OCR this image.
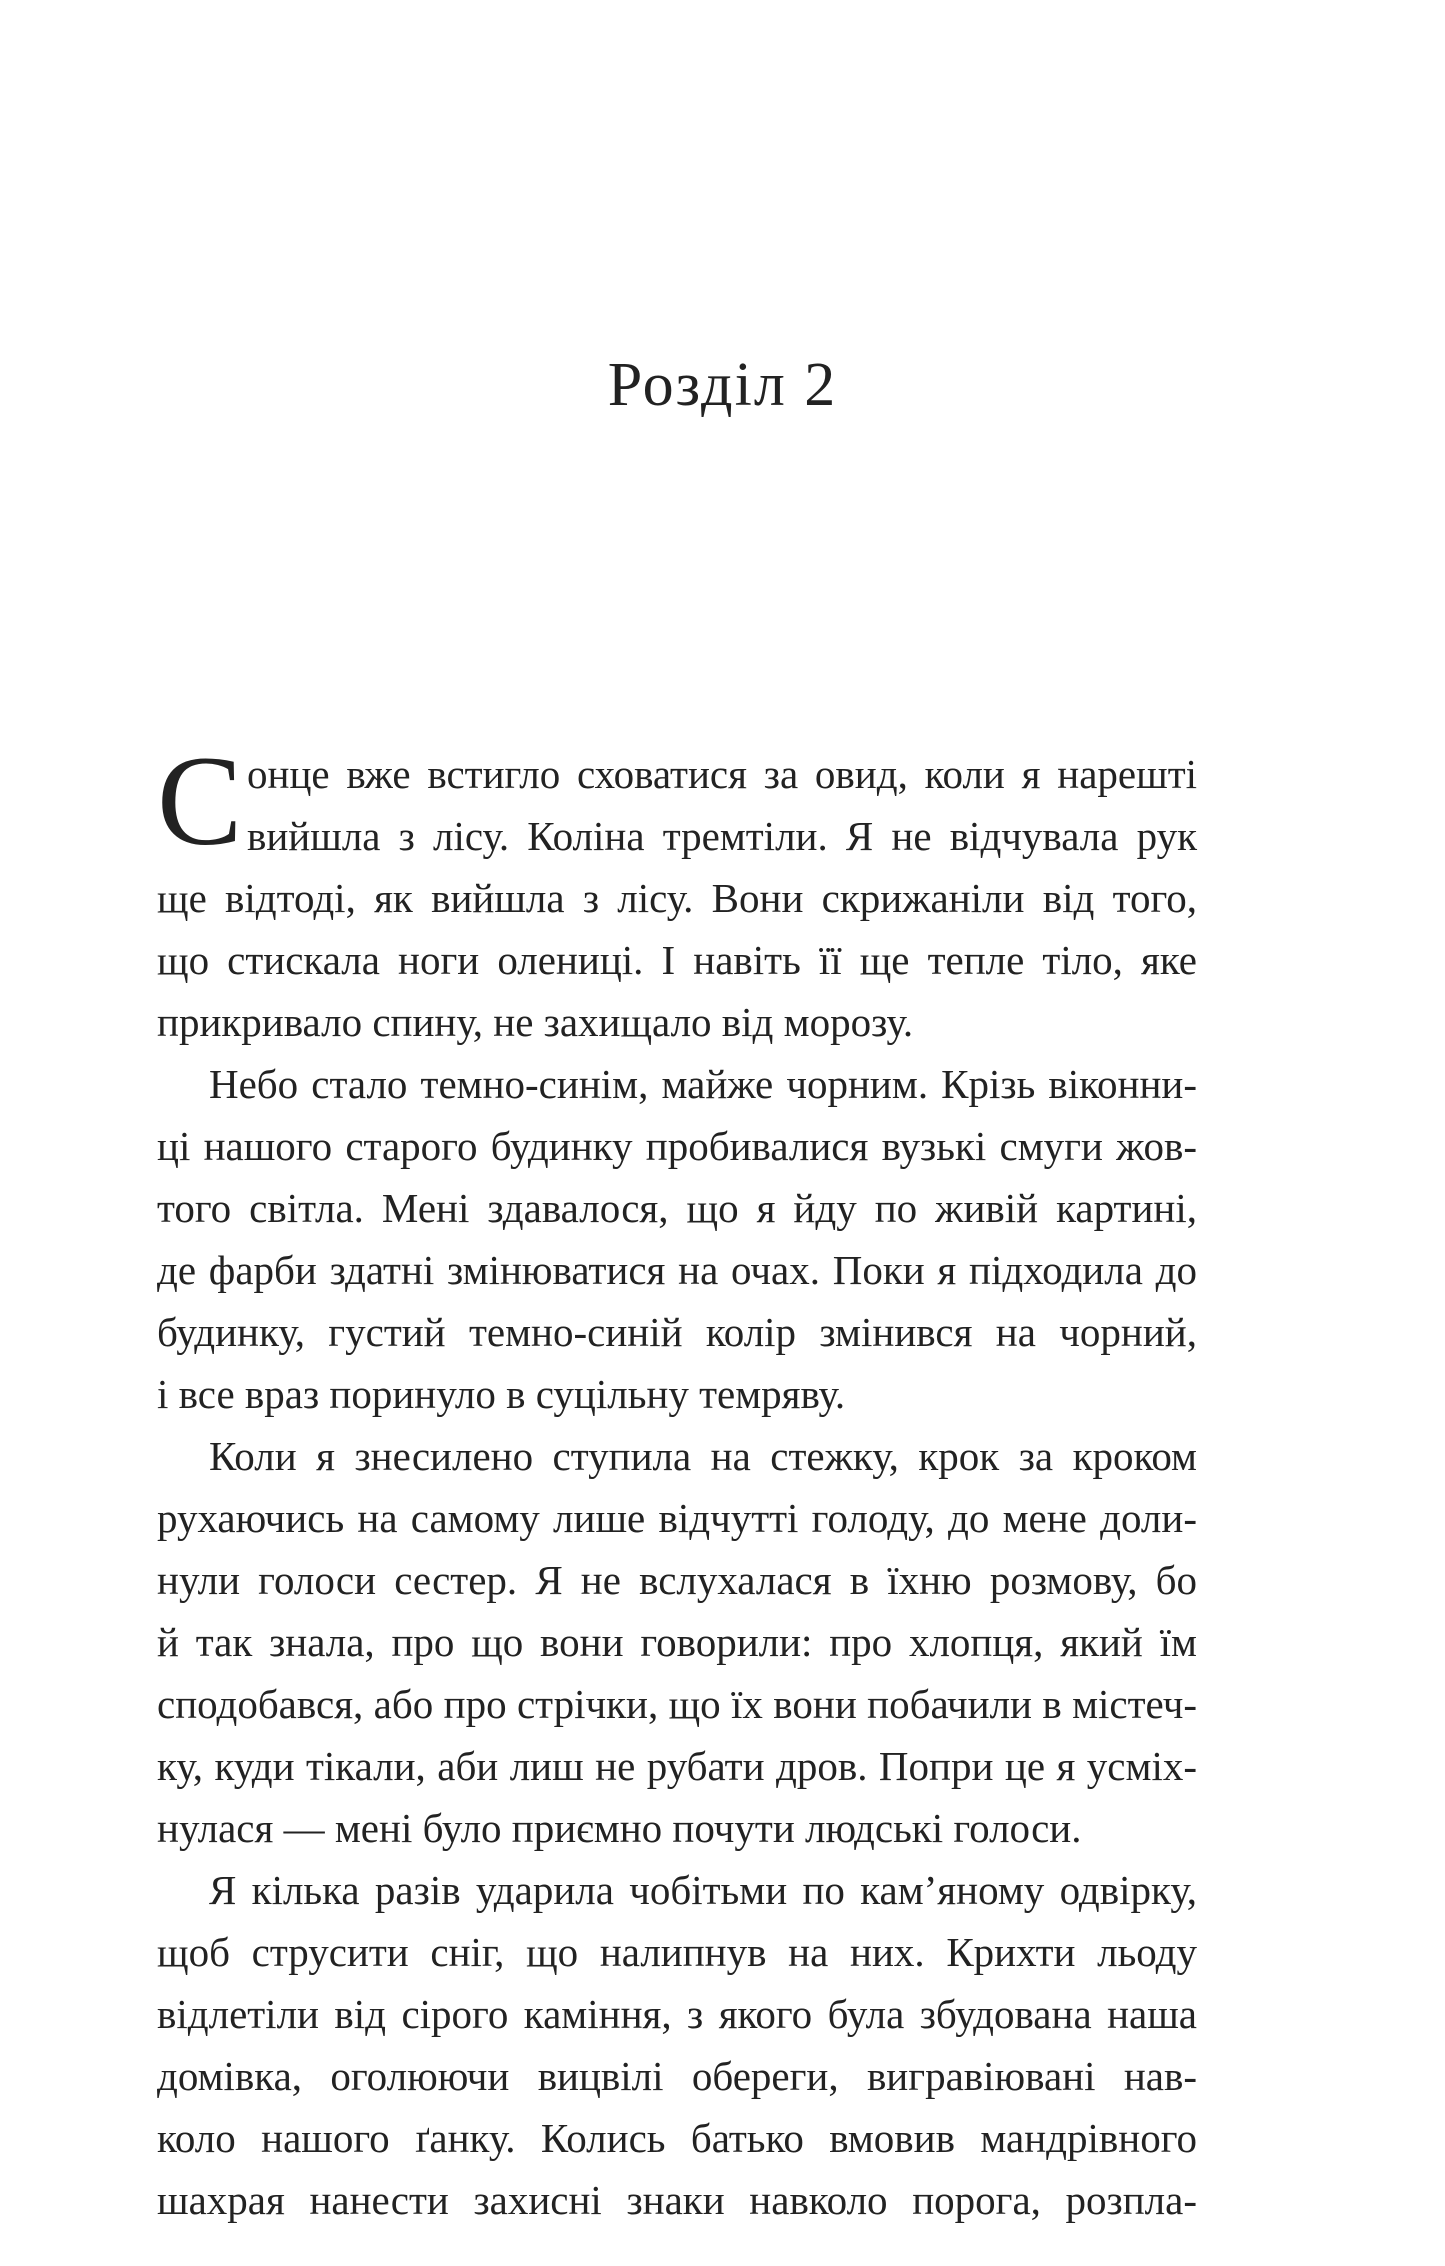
Розділ 2
С онце вже встигло сховатися за овид, коли я нарешті
вийшла з лісу. Коліна тремтіли. Я не відчувала рук
ще відтоді, як вийшла з лісу. Вони скрижаніли від того,
що стискала ноги олениці. І навіть її ще тепле тіло, яке
прикривало спину, не захищало від морозу.
Небо стало темно-синім, майже чорним. Крізь віконни-
ці нашого старого будинку пробивалися вузькі смуги жов-
того світла. Мені здавалося, що я йду по живій картині,
де фарби здатні змінюватися на очах. Поки я підходила до
будинку, густий темно-синій колір змінився на чорний,
і все враз поринуло в суцільну темряву.
Коли я знесилено ступила на стежку, крок за кроком
рухаючись на самому лише відчутті голоду, до мене доли-
нули голоси сестер. Я не вслухалася в їхню розмову, бо
й так знала, про що вони говорили: про хлопця, який їм
сподобався, або про стрічки, що їх вони побачили в містеч-
ку, куди тікали, аби лиш не рубати дров. Попри це я усміх-
нулася — мені було приємно почути людські голоси.
Я кілька разів ударила чобітьми по кам’яному одвірку,
щоб струсити сніг, що налипнув на них. Крихти льоду
відлетіли від сірого каміння, з якого була збудована наша
домівка, оголюючи вицвілі обереги, вигравіювані нав-
коло нашого ґанку. Колись батько вмовив мандрівного
шахрая нанести захисні знаки навколо порога, розпла-
